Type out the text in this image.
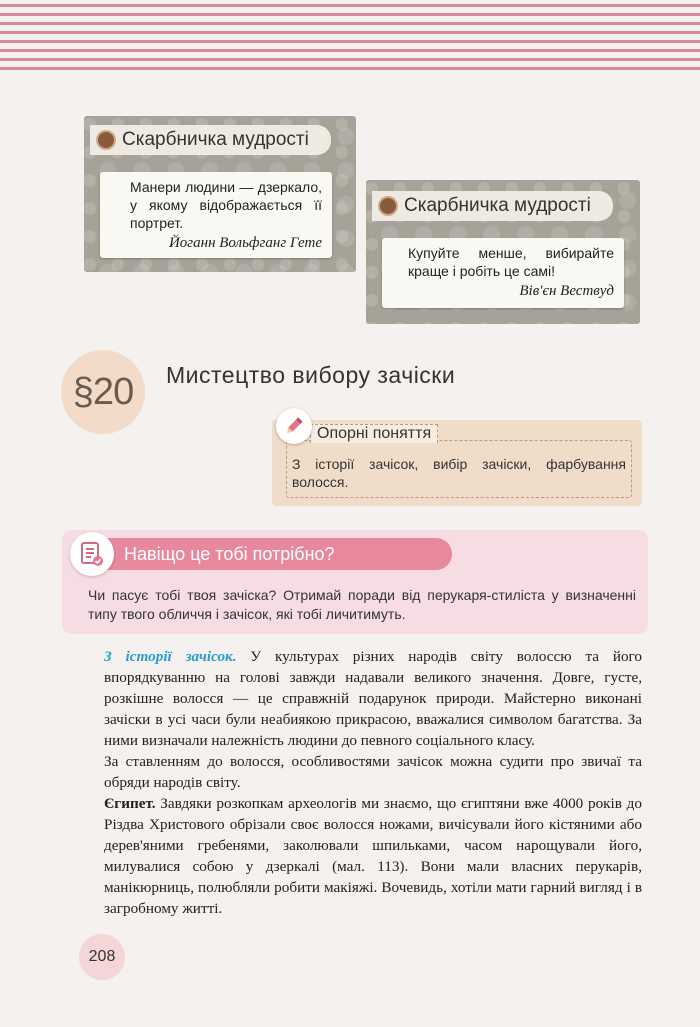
Скарбничка мудрості
Манери людини — дзеркало, у якому відображається її портрет.
Йоганн Вольфганг Гете
Скарбничка мудрості
Купуйте менше, вибирайте краще і робіть це самі!
Вів'єн Вествуд
§20 Мистецтво вибору зачіски
Опорні поняття
З історії зачісок, вибір зачіски, фарбування волосся.
Навіщо це тобі потрібно?
Чи пасує тобі твоя зачіска? Отримай поради від перукаря-стиліста у визначенні типу твого обличчя і зачісок, які тобі личитимуть.

З історії зачісок. У культурах різних народів світу волоссю та його впорядкуванню на голові завжди надавали великого значення. Довге, густе, розкішне волосся — це справжній подарунок природи. Майстерно виконані зачіски в усі часи були неабиякою прикрасою, вважалися символом багатства. За ними визначали належність людини до певного соціального класу.

За ставленням до волосся, особливостями зачісок можна судити про звичаї та обряди народів світу.

Єгипет. Завдяки розкопкам археологів ми знаємо, що єгиптяни вже 4000 років до Різдва Христового обрізали своє волосся ножами, вичісували його кістяними або дерев'яними гребенями, заколювали шпильками, часом нарощували його, милувалися собою у дзеркалі (мал. 113). Вони мали власних перукарів, манікюрниць, полюбляли робити макіяжі. Вочевидь, хотіли мати гарний вигляд і в загробному житті.

208
